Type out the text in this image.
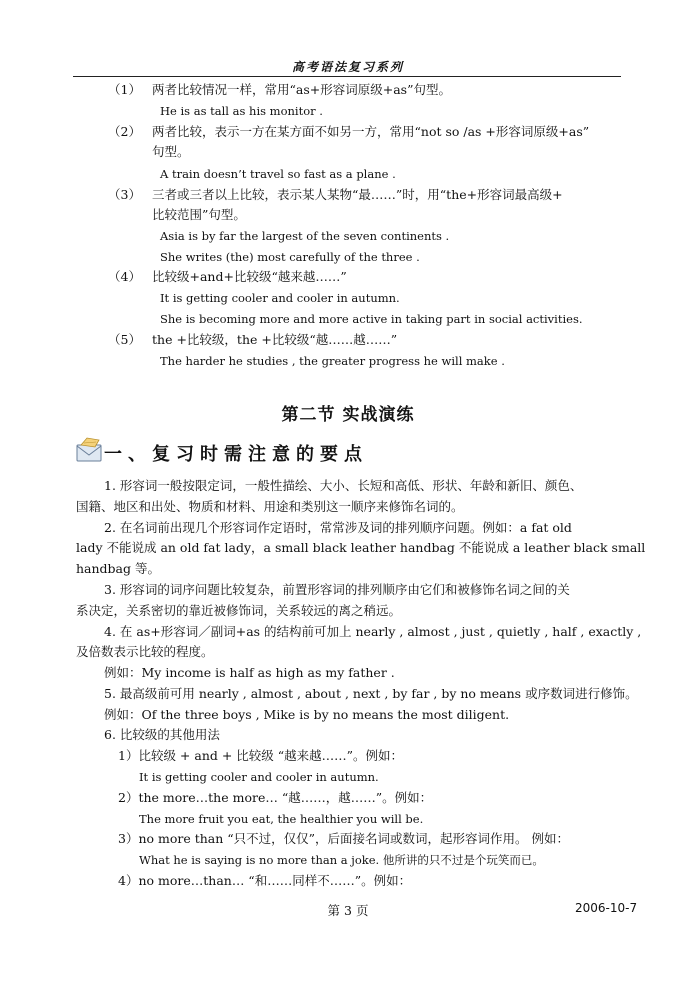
高考语法复习系列
（1） 两者比较情况一样，常用“as+形容词原级+as”句型。
He is as tall as his monitor .
（2） 两者比较，表示一方在某方面不如另一方，常用“not so /as +形容词原级+as”
句型。
A train doesn’t travel so fast as a plane .
（3） 三者或三者以上比较，表示某人某物“最……”时，用“the+形容词最高级+
比较范围”句型。
Asia is by far the largest of the seven continents .
She writes (the) most carefully of the three .
（4） 比较级+and+比较级“越来越……”
It is getting cooler and cooler in autumn.
She is becoming more and more active in taking part in social activities.
（5） the +比较级，the +比较级“越……越……”
The harder he studies , the greater progress he will make .
第二节 实战演练
一、复习时需注意的要点
1. 形容词一般按限定词，一般性描绘、大小、长短和高低、形状、年龄和新旧、颜色、
国籍、地区和出处、物质和材料、用途和类别这一顺序来修饰名词的。
2. 在名词前出现几个形容词作定语时，常常涉及词的排列顺序问题。例如：a fat old
lady 不能说成 an old fat lady，a small black leather handbag 不能说成 a leather black small
handbag 等。
3. 形容词的词序问题比较复杂，前置形容词的排列顺序由它们和被修饰名词之间的关
系决定，关系密切的靠近被修饰词，关系较远的离之稍远。
4. 在 as+形容词／副词+as 的结构前可加上 nearly , almost , just , quietly , half , exactly ,
及倍数表示比较的程度。
例如：My income is half as high as my father .
5. 最高级前可用 nearly , almost , about , next , by far , by no means 或序数词进行修饰。
例如：Of the three boys , Mike is by no means the most diligent.
6. 比较级的其他用法
1）比较级 + and + 比较级 “越来越……”。例如：
It is getting cooler and cooler in autumn.
2）the more…the more… “越……，越……”。例如：
The more fruit you eat, the healthier you will be.
3）no more than “只不过，仅仅”，后面接名词或数词，起形容词作用。 例如：
What he is saying is no more than a joke. 他所讲的只不过是个玩笑而已。
4）no more…than… “和……同样不……”。例如：
第 3 页	2006-10-7
